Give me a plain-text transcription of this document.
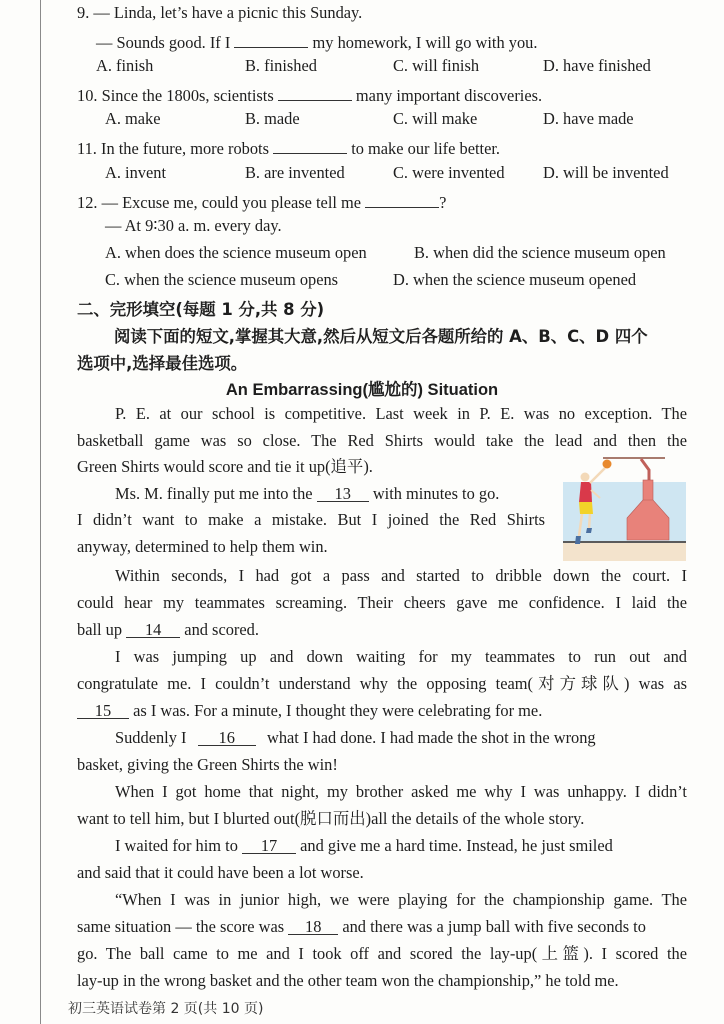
9. — Linda, let’s have a picnic this Sunday.
— Sounds good. If I	my homework, I will go with you.
A. finish	B. finished	C. will finish	D. have finished
10. Since the 1800s, scientists	many important discoveries.
A. make	B. made	C. will make	D. have made
11. In the future, more robots	to make our life better.
A. invent	B. are invented	C. were invented D. will be invented
12. — Excuse me, could you please tell me	?
— At 9∶30 a. m. every day.
A. when does the science museum open	B. when did the science museum open
C. when the science museum opens	D. when the science museum opened
二、完形填空(每题 1 分,共 8 分)
阅读下面的短文,掌握其大意,然后从短文后各题所给的 A、B、C、D 四个
选项中,选择最佳选项。
An Embarrassing(尴尬的) Situation
P. E. at our school is competitive. Last week in P. E. was no exception. The
basketball game was so close. The Red Shirts would take the lead and then the
Green Shirts would score and tie it up(追平).
Ms. M. finally put me into the 13 with minutes to go.
I didn’t want to make a mistake. But I joined the Red Shirts
anyway, determined to help them win.
Within seconds, I had got a pass and started to dribble down the court. I
could hear my teammates screaming. Their cheers gave me confidence. I laid the
ball up 14 and scored.
I was jumping up and down waiting for my teammates to run out and
congratulate me. I couldn’t understand why the opposing team(对方球队) was as
15 as I was. For a minute, I thought they were celebrating for me.
Suddenly I	16	what I had done. I had made the shot in the wrong
basket, giving the Green Shirts the win!
When I got home that night, my brother asked me why I was unhappy. I didn’t
want to tell him, but I blurted out(脱口而出)all the details of the whole story.
I waited for him to 17 and give me a hard time. Instead, he just smiled
and said that it could have been a lot worse.
“When I was in junior high, we were playing for the championship game. The
same situation — the score was 18 and there was a jump ball with five seconds to
go. The ball came to me and I took off and scored the lay-up(上篮). I scored the
lay-up in the wrong basket and the other team won the championship,” he told me.
初三英语试卷第 2 页(共 10 页)
